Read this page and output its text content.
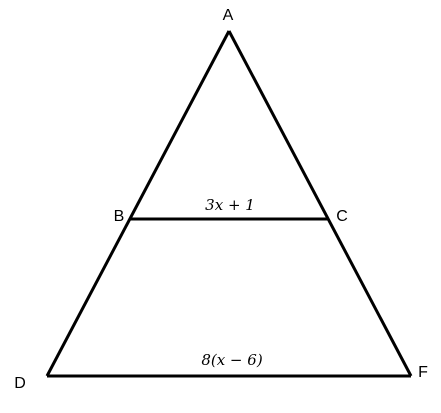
A
B	C
D
F
3x + 1
8(x − 6)
